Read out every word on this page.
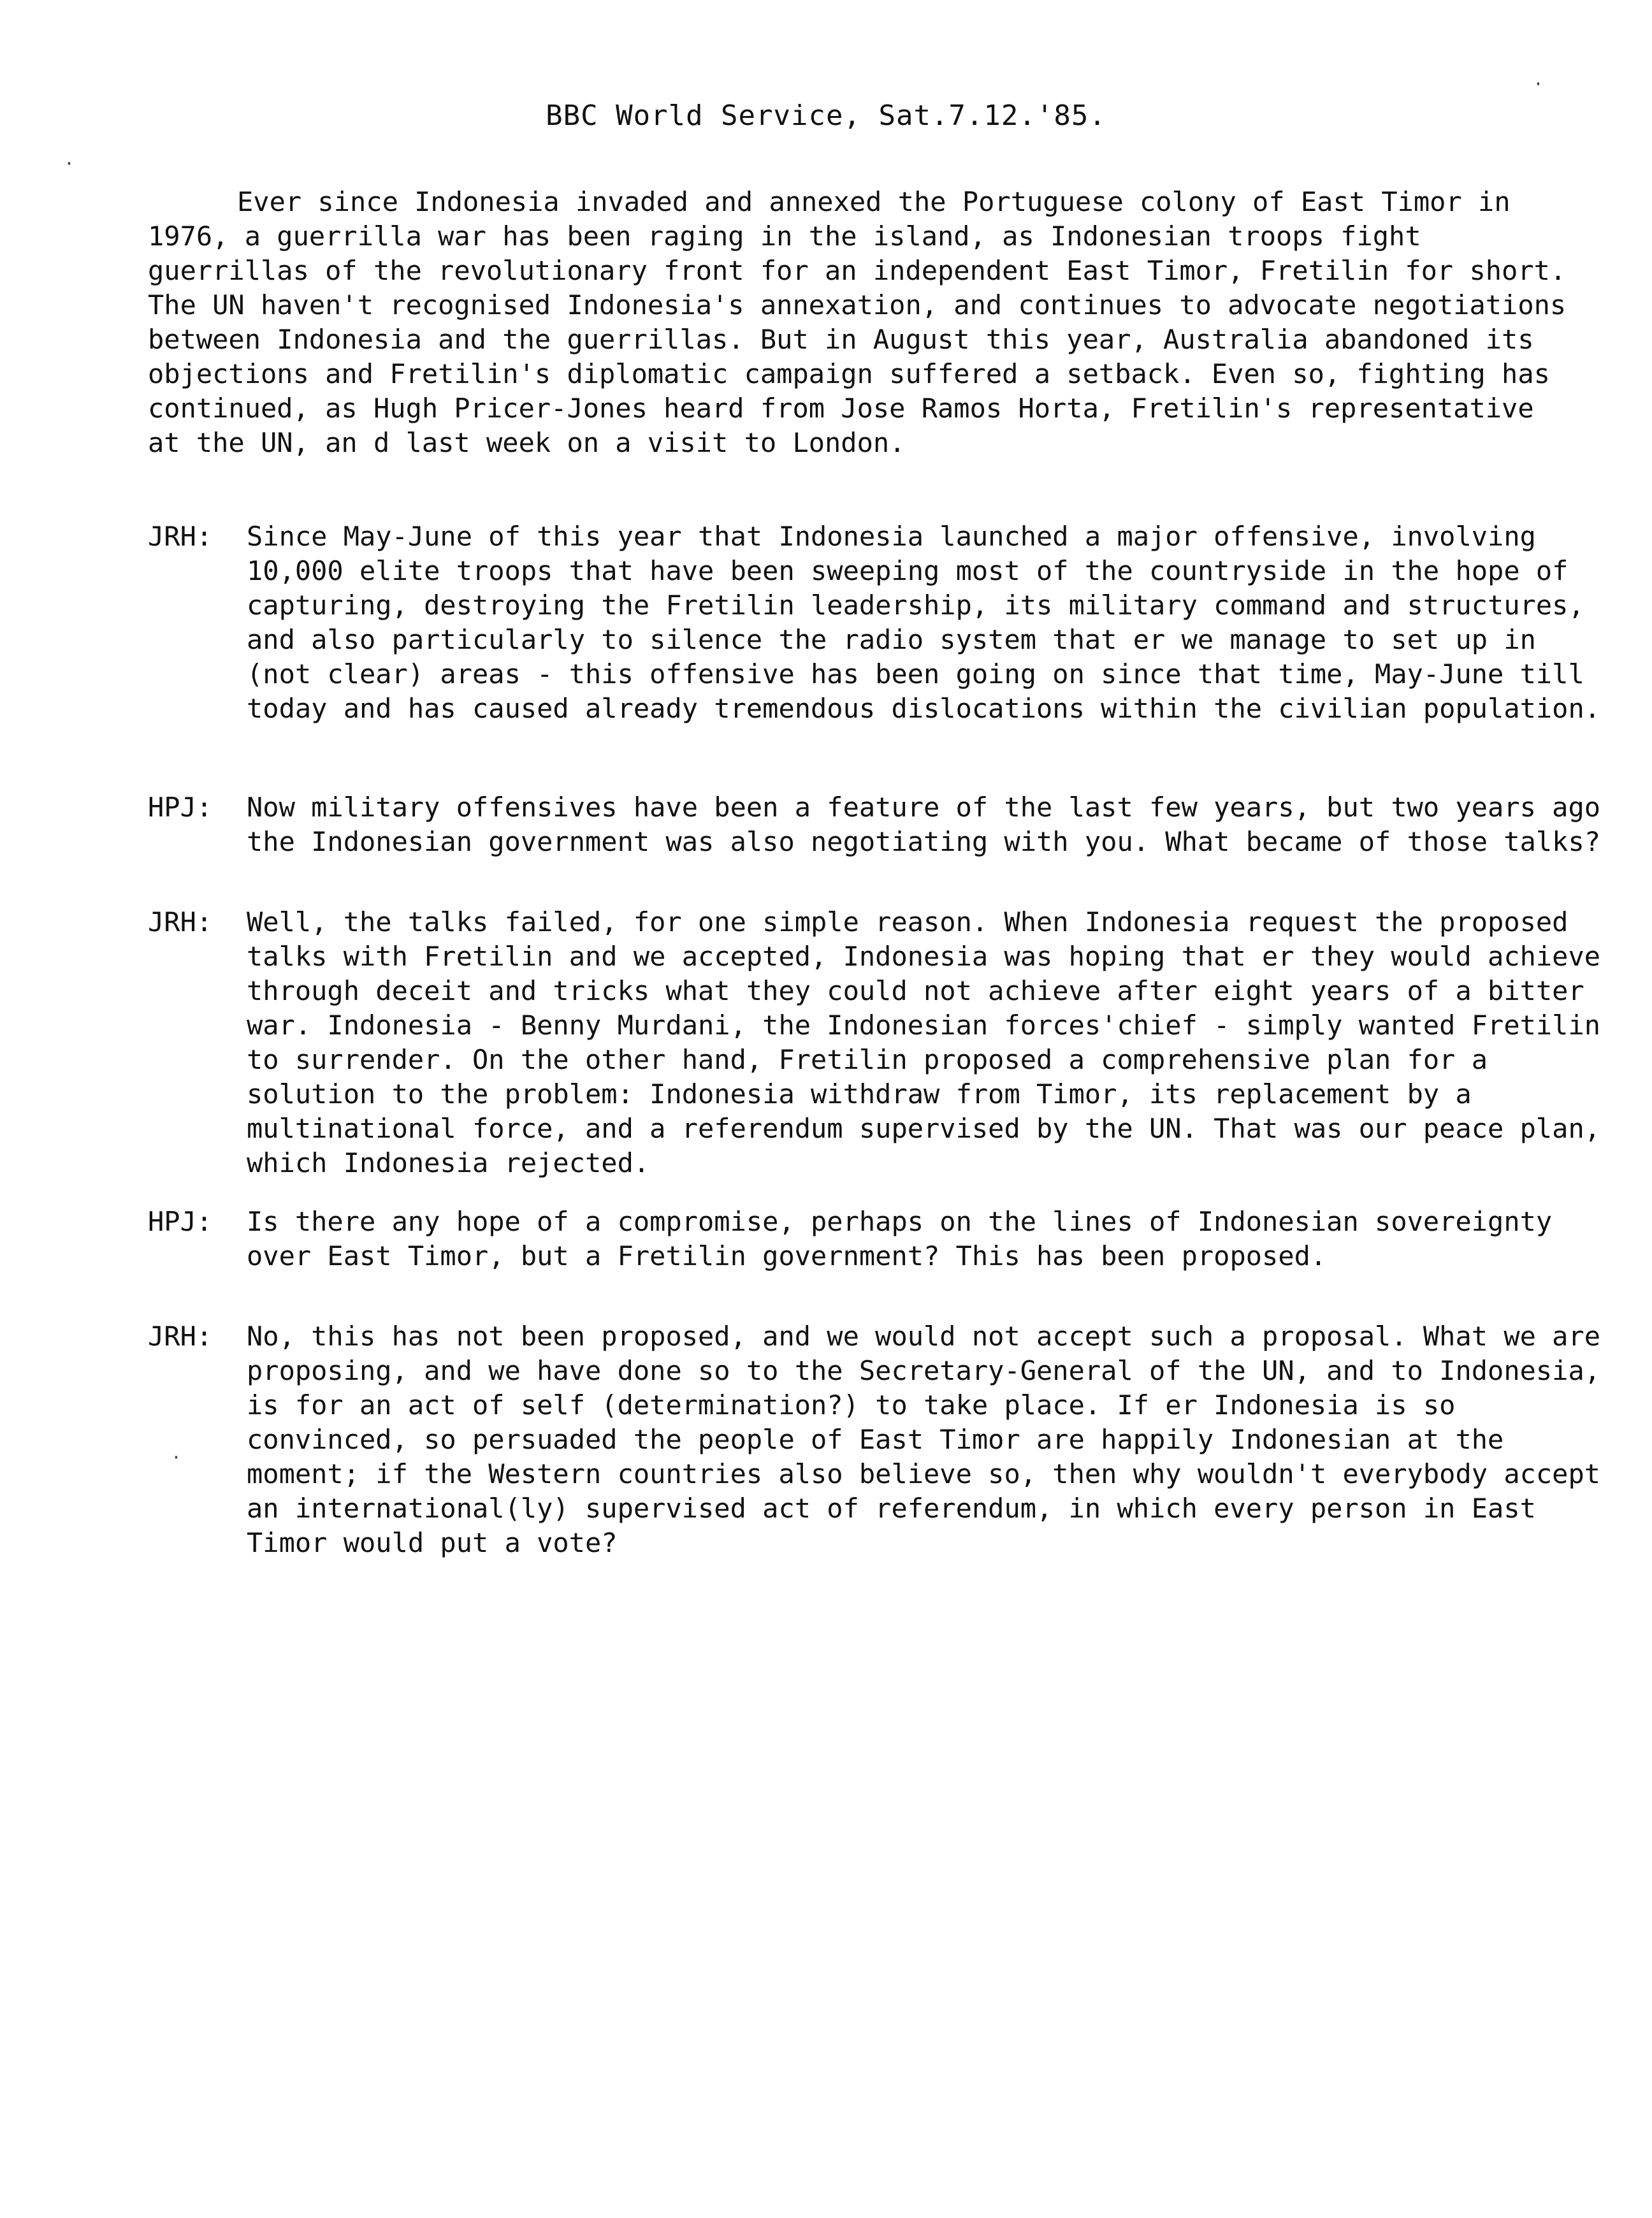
BBC World Service, Sat.7.12.'85.
Ever since Indonesia invaded and annexed the Portuguese colony of East Timor in 1976, a guerrilla war has been raging in the island, as Indonesian troops fight guerrillas of the revolutionary front for an independent East Timor, Fretilin for short. The UN haven't recognised Indonesia's annexation, and continues to advocate negotiations between Indonesia and the guerrillas. But in August this year, Australia abandoned its objections and Fretilin's diplomatic campaign suffered a setback. Even so, fighting has continued, as Hugh Pricer-Jones heard from Jose Ramos Horta, Fretilin's representative at the UN, an d last week on a visit to London.
JRH:	Since May-June of this year that Indonesia launched a major offensive, involving 10,000 elite troops that have been sweeping most of the countryside in the hope of capturing, destroying the Fretilin leadership, its military command and structures, and also particularly to silence the radio system that er we manage to set up in (not clear) areas - this offensive has been going on since that time, May-June till today and has caused already tremendous dislocations within the civilian population.
HPJ:	Now military offensives have been a feature of the last few years, but two years ago the Indonesian government was also negotiating with you. What became of those talks?
JRH:	Well, the talks failed, for one simple reason. When Indonesia request the proposed talks with Fretilin and we accepted, Indonesia was hoping that er they would achieve through deceit and tricks what they could not achieve after eight years of a bitter war. Indonesia - Benny Murdani, the Indonesian forces'chief - simply wanted Fretilin to surrender. On the other hand, Fretilin proposed a comprehensive plan for a solution to the problem: Indonesia withdraw from Timor, its replacement by a multinational force, and a referendum supervised by the UN. That was our peace plan, which Indonesia rejected.
HPJ:	Is there any hope of a compromise, perhaps on the lines of Indonesian sovereignty over East Timor, but a Fretilin government? This has been proposed.
JRH:	No, this has not been proposed, and we would not accept such a proposal. What we are proposing, and we have done so to the Secretary-General of the UN, and to Indonesia, is for an act of self (determination?) to take place. If er Indonesia is so convinced, so persuaded the people of East Timor are happily Indonesian at the moment; if the Western countries also believe so, then why wouldn't everybody accept an international(ly) supervised act of referendum, in which every person in East Timor would put a vote?
·
·
·
